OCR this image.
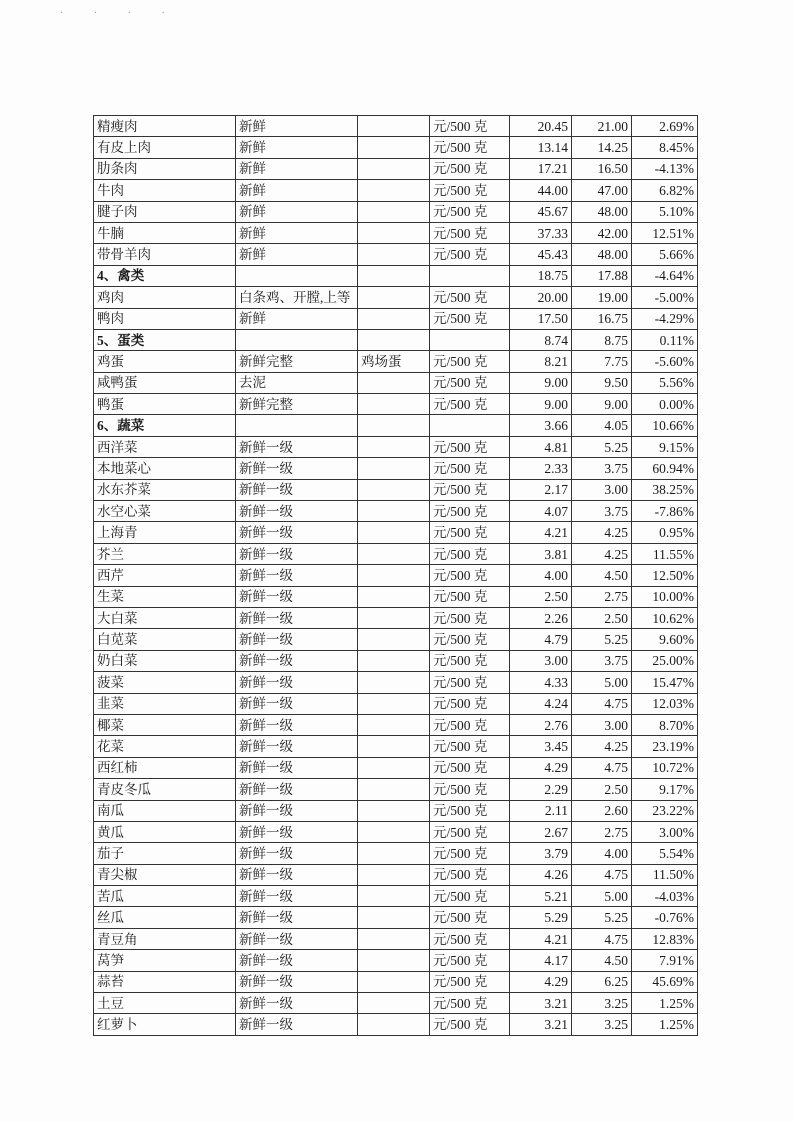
· · · ·
精瘦肉	新鲜		元/500 克	20.45	21.00	2.69%
有皮上肉	新鲜		元/500 克	13.14	14.25	8.45%
肋条肉	新鲜		元/500 克	17.21	16.50	-4.13%
牛肉	新鲜		元/500 克	44.00	47.00	6.82%
腱子肉	新鲜		元/500 克	45.67	48.00	5.10%
牛腩	新鲜		元/500 克	37.33	42.00	12.51%
带骨羊肉	新鲜		元/500 克	45.43	48.00	5.66%
4、禽类				18.75	17.88	-4.64%
鸡肉	白条鸡、开膛,上等		元/500 克	20.00	19.00	-5.00%
鸭肉	新鲜		元/500 克	17.50	16.75	-4.29%
5、蛋类				8.74	8.75	0.11%
鸡蛋	新鲜完整	鸡场蛋	元/500 克	8.21	7.75	-5.60%
咸鸭蛋	去泥		元/500 克	9.00	9.50	5.56%
鸭蛋	新鲜完整		元/500 克	9.00	9.00	0.00%
6、蔬菜				3.66	4.05	10.66%
西洋菜	新鲜一级		元/500 克	4.81	5.25	9.15%
本地菜心	新鲜一级		元/500 克	2.33	3.75	60.94%
水东芥菜	新鲜一级		元/500 克	2.17	3.00	38.25%
水空心菜	新鲜一级		元/500 克	4.07	3.75	-7.86%
上海青	新鲜一级		元/500 克	4.21	4.25	0.95%
芥兰	新鲜一级		元/500 克	3.81	4.25	11.55%
西芹	新鲜一级		元/500 克	4.00	4.50	12.50%
生菜	新鲜一级		元/500 克	2.50	2.75	10.00%
大白菜	新鲜一级		元/500 克	2.26	2.50	10.62%
白苋菜	新鲜一级		元/500 克	4.79	5.25	9.60%
奶白菜	新鲜一级		元/500 克	3.00	3.75	25.00%
菠菜	新鲜一级		元/500 克	4.33	5.00	15.47%
韭菜	新鲜一级		元/500 克	4.24	4.75	12.03%
椰菜	新鲜一级		元/500 克	2.76	3.00	8.70%
花菜	新鲜一级		元/500 克	3.45	4.25	23.19%
西红柿	新鲜一级		元/500 克	4.29	4.75	10.72%
青皮冬瓜	新鲜一级		元/500 克	2.29	2.50	9.17%
南瓜	新鲜一级		元/500 克	2.11	2.60	23.22%
黄瓜	新鲜一级		元/500 克	2.67	2.75	3.00%
茄子	新鲜一级		元/500 克	3.79	4.00	5.54%
青尖椒	新鲜一级		元/500 克	4.26	4.75	11.50%
苦瓜	新鲜一级		元/500 克	5.21	5.00	-4.03%
丝瓜	新鲜一级		元/500 克	5.29	5.25	-0.76%
青豆角	新鲜一级		元/500 克	4.21	4.75	12.83%
莴笋	新鲜一级		元/500 克	4.17	4.50	7.91%
蒜苔	新鲜一级		元/500 克	4.29	6.25	45.69%
土豆	新鲜一级		元/500 克	3.21	3.25	1.25%
红萝卜	新鲜一级		元/500 克	3.21	3.25	1.25%
